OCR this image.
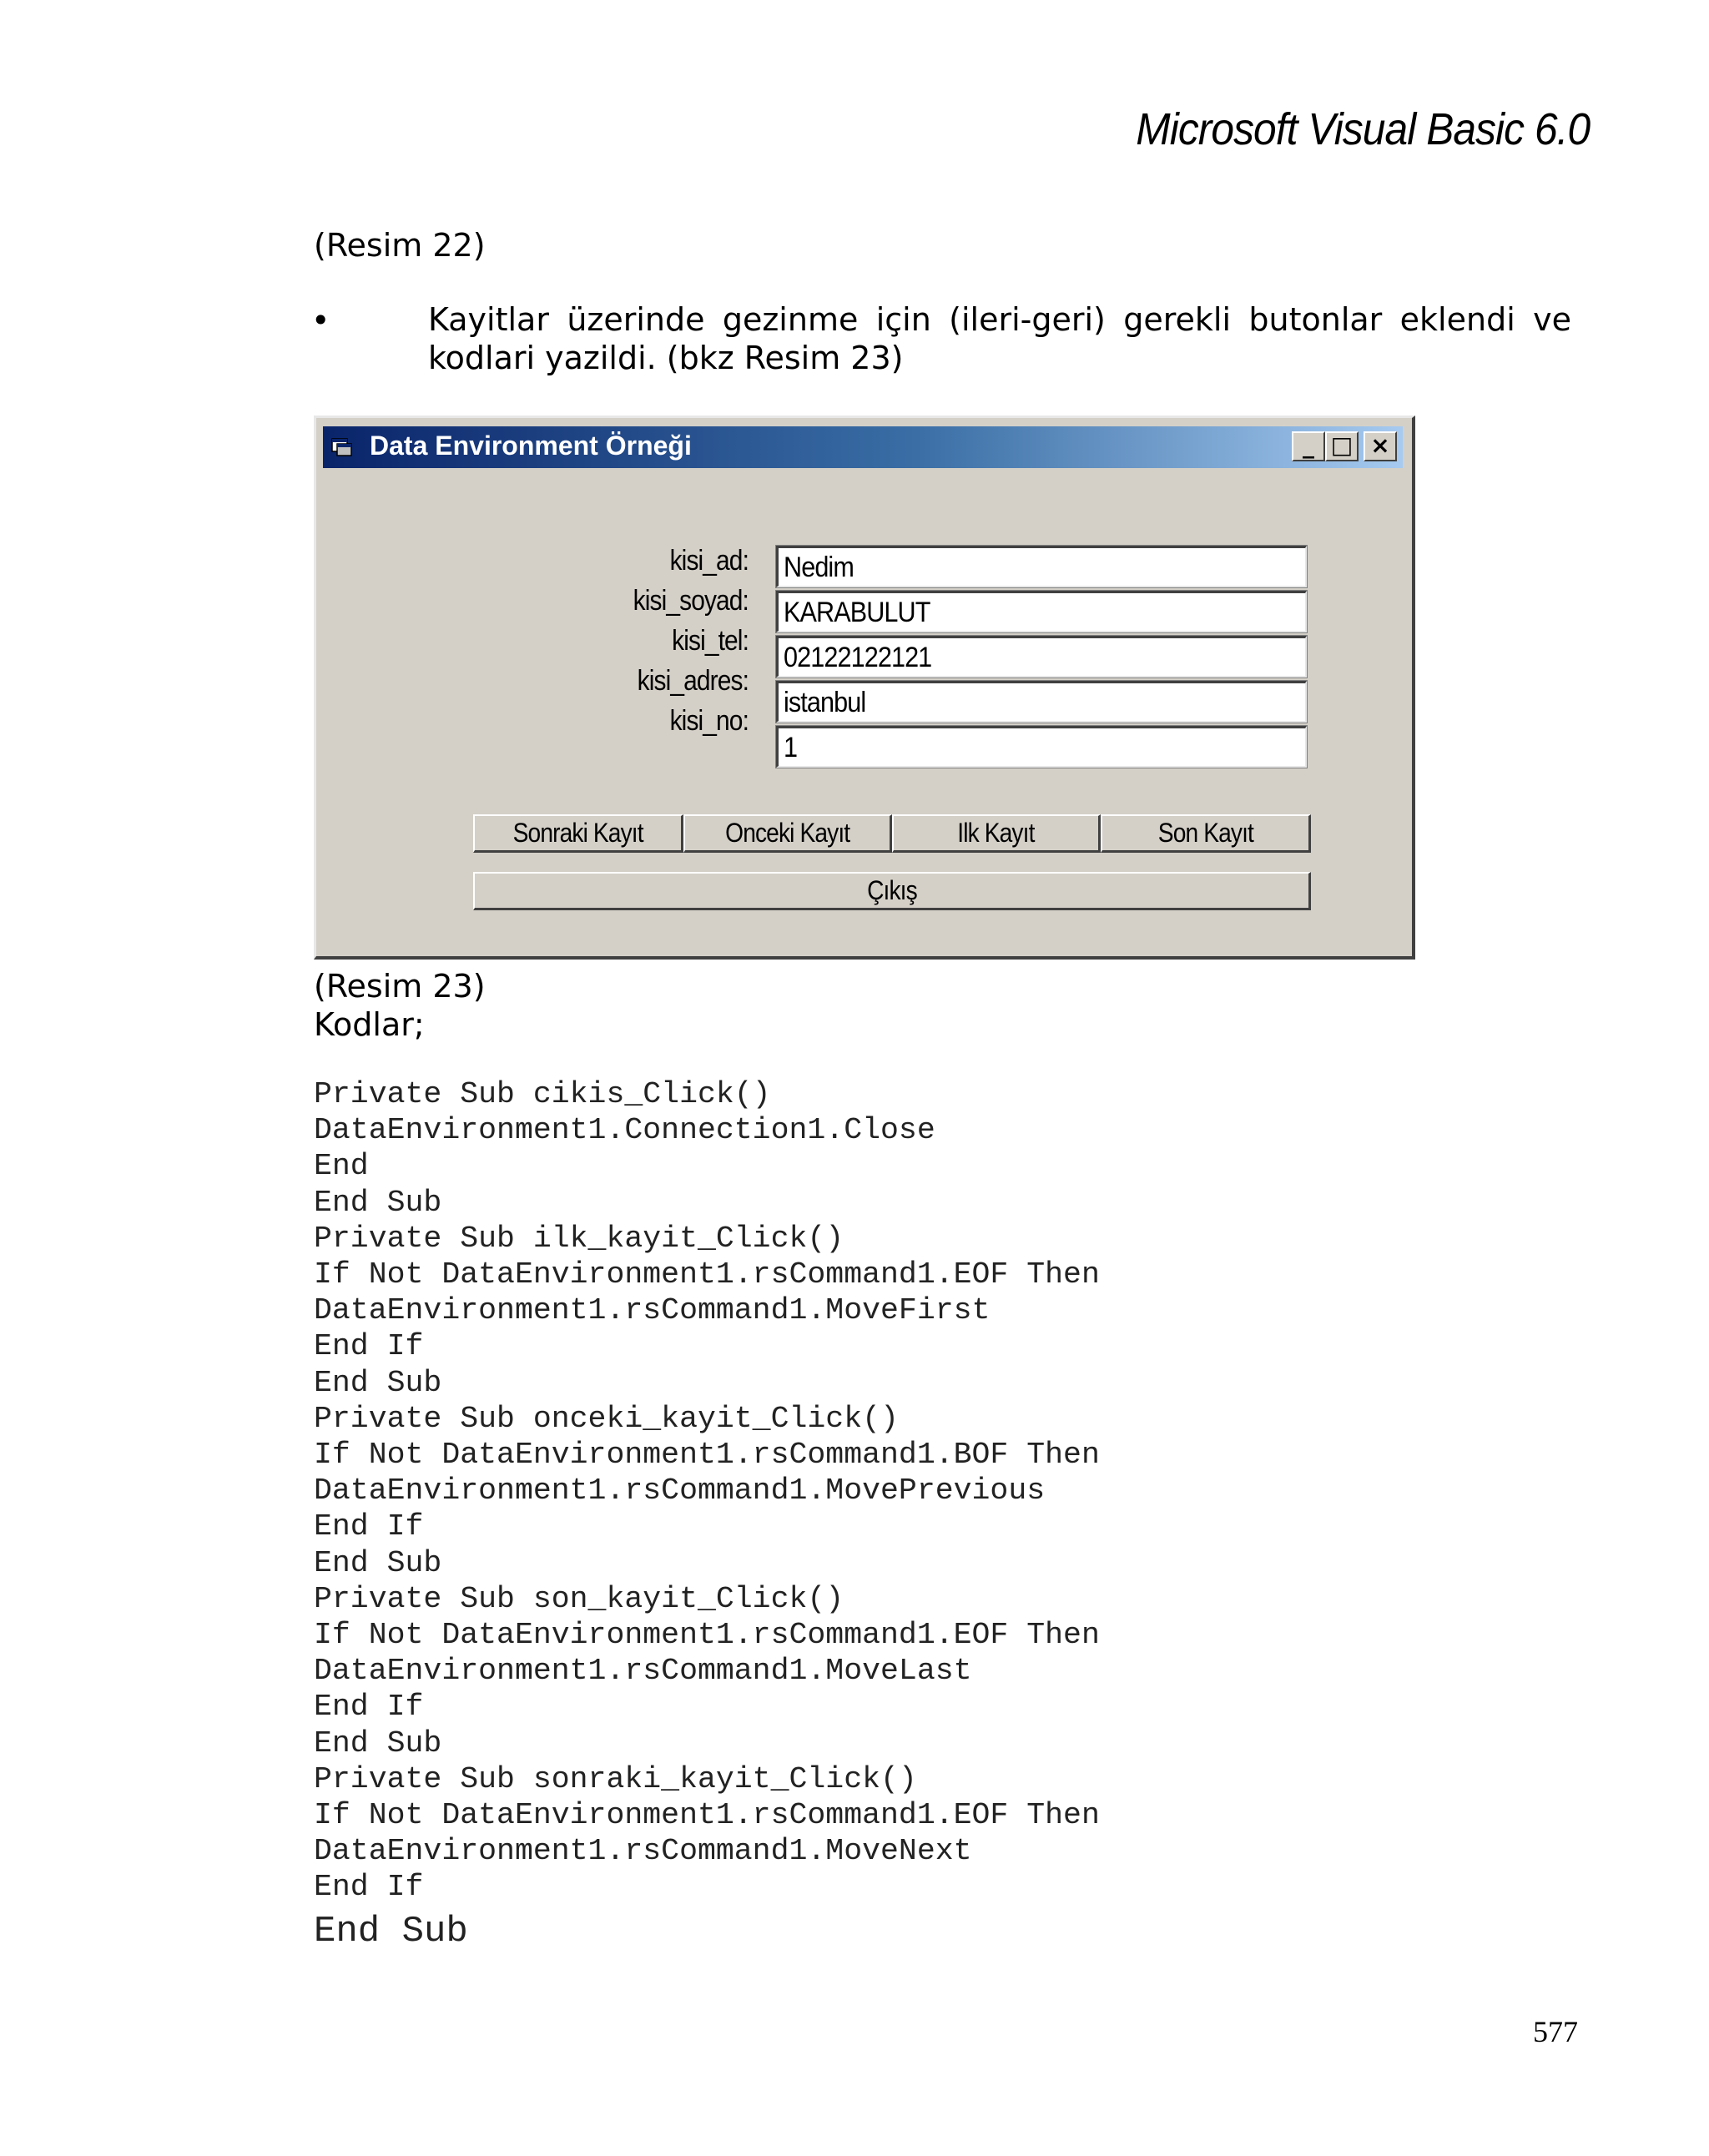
Microsoft Visual Basic 6.0
(Resim 22)
•	Kayitlar üzerinde gezinme için (ileri-geri) gerekli butonlar eklendi ve kodlari yazildi. (bkz Resim 23)
Data Environment Örneği	_ □ ×
kisi_ad: Nedim
kisi_soyad: KARABULUT
kisi_tel:
02122122121
kisi_adres:
istanbul
kisi_no:
1
Sonraki Kayıt	Onceki Kayıt	Ilk Kayıt	Son Kayıt
Çıkış
(Resim 23)
Kodlar;
Private Sub cikis_Click()
DataEnvironment1.Connection1.Close
End
End Sub
Private Sub ilk_kayit_Click()
If Not DataEnvironment1.rsCommand1.EOF Then
DataEnvironment1.rsCommand1.MoveFirst
End If
End Sub
Private Sub onceki_kayit_Click()
If Not DataEnvironment1.rsCommand1.BOF Then
DataEnvironment1.rsCommand1.MovePrevious
End If
End Sub
Private Sub son_kayit_Click()
If Not DataEnvironment1.rsCommand1.EOF Then
DataEnvironment1.rsCommand1.MoveLast
End If
End Sub
Private Sub sonraki_kayit_Click()
If Not DataEnvironment1.rsCommand1.EOF Then
DataEnvironment1.rsCommand1.MoveNext
End If
End Sub
577
